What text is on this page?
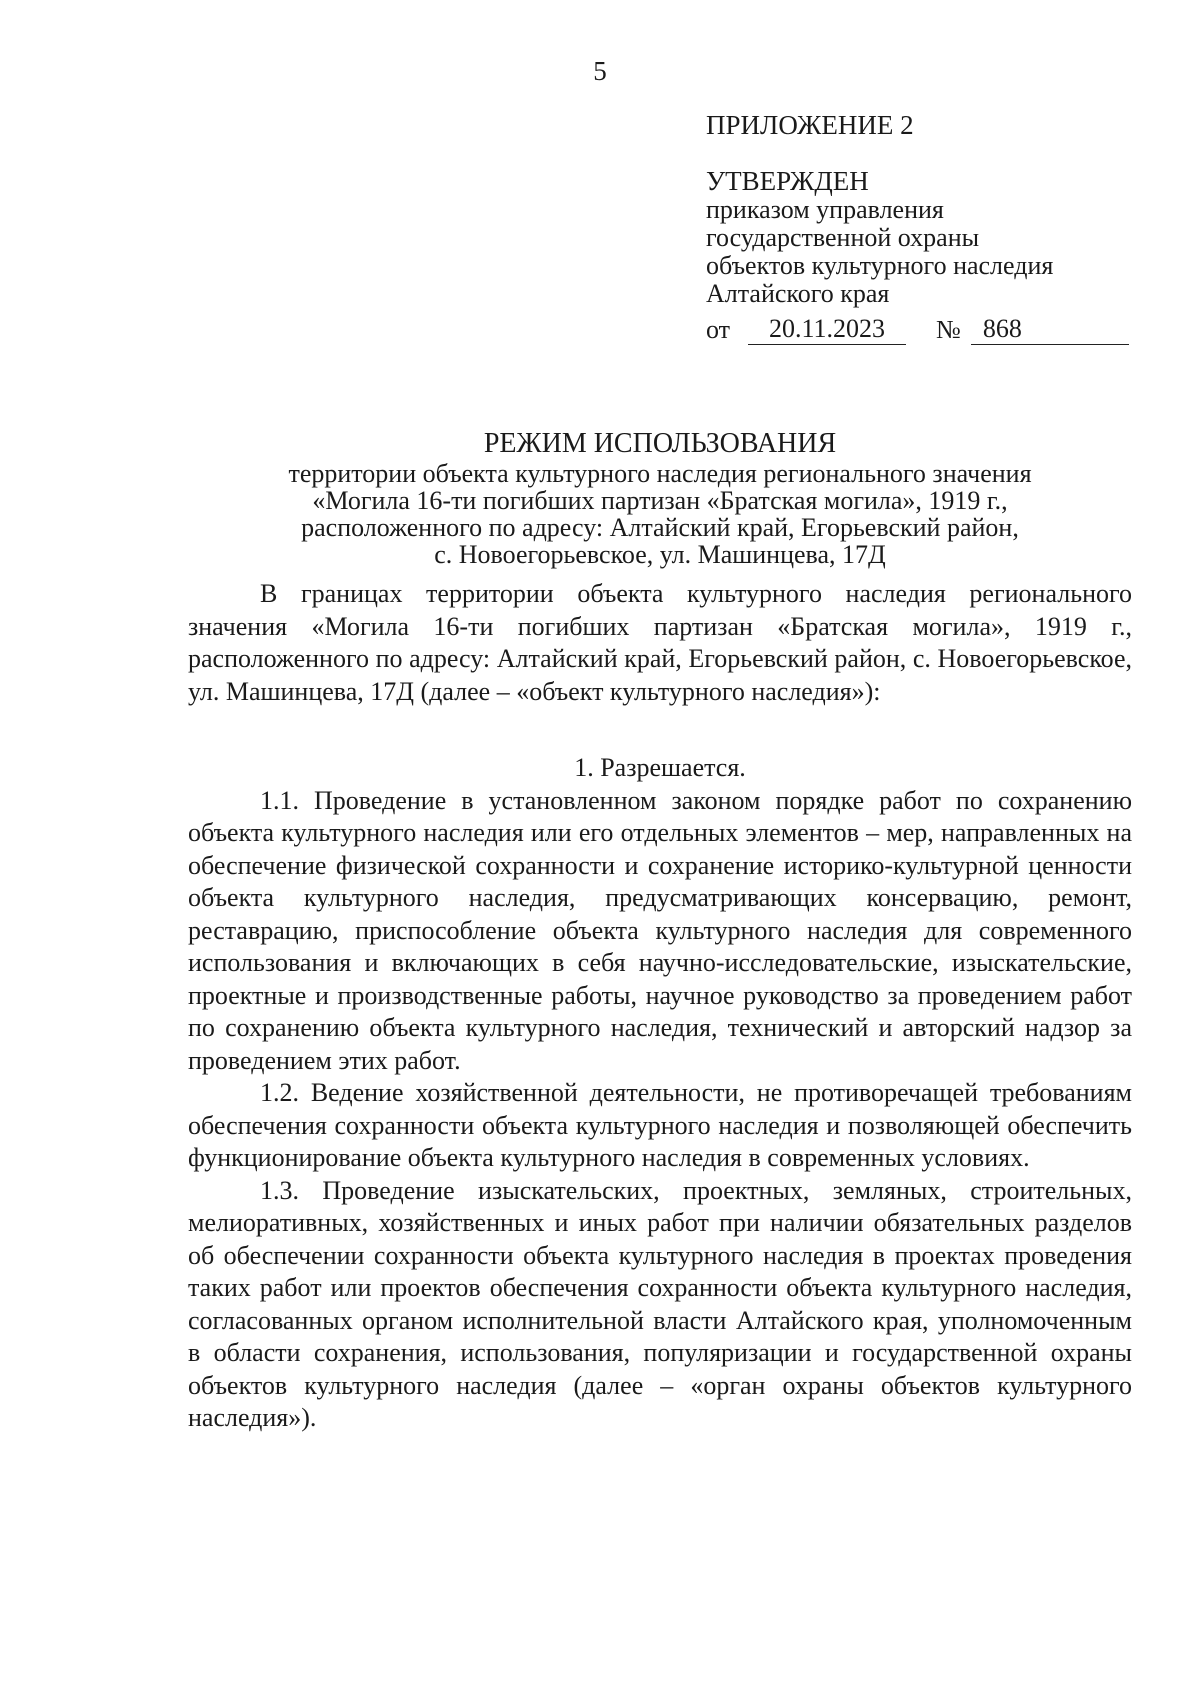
5
ПРИЛОЖЕНИЕ 2
УТВЕРЖДЕН
приказом управления
государственной охраны
объектов культурного наследия
Алтайского края
от	20.11.2023	№ 868
РЕЖИМ ИСПОЛЬЗОВАНИЯ
территории объекта культурного наследия регионального значения
«Могила 16-ти погибших партизан «Братская могила», 1919 г.,
расположенного по адресу: Алтайский край, Егорьевский район,
с. Новоегорьевское, ул. Машинцева, 17Д

В границах территории объекта культурного наследия регионального значения «Могила 16-ти погибших партизан «Братская могила», 1919 г., расположенного по адресу: Алтайский край, Егорьевский район, с. Новоегорьевское, ул. Машинцева, 17Д (далее – «объект культурного наследия»):

1. Разрешается.

1.1. Проведение в установленном законом порядке работ по сохранению объекта культурного наследия или его отдельных элементов – мер, направленных на обеспечение физической сохранности и сохранение историко-культурной ценности объекта культурного наследия, предусматривающих консервацию, ремонт, реставрацию, приспособление объекта культурного наследия для современного использования и включающих в себя научно-исследовательские, изыскательские, проектные и производственные работы, научное руководство за проведением работ по сохранению объекта культурного наследия, технический и авторский надзор за проведением этих работ.

1.2. Ведение хозяйственной деятельности, не противоречащей требованиям обеспечения сохранности объекта культурного наследия и позволяющей обеспечить функционирование объекта культурного наследия в современных условиях.

1.3. Проведение изыскательских, проектных, земляных, строительных, мелиоративных, хозяйственных и иных работ при наличии обязательных разделов об обеспечении сохранности объекта культурного наследия в проектах проведения таких работ или проектов обеспечения сохранности объекта культурного наследия, согласованных органом исполнительной власти Алтайского края, уполномоченным в области сохранения, использования, популяризации и государственной охраны объектов культурного наследия (далее – «орган охраны объектов культурного наследия»).
